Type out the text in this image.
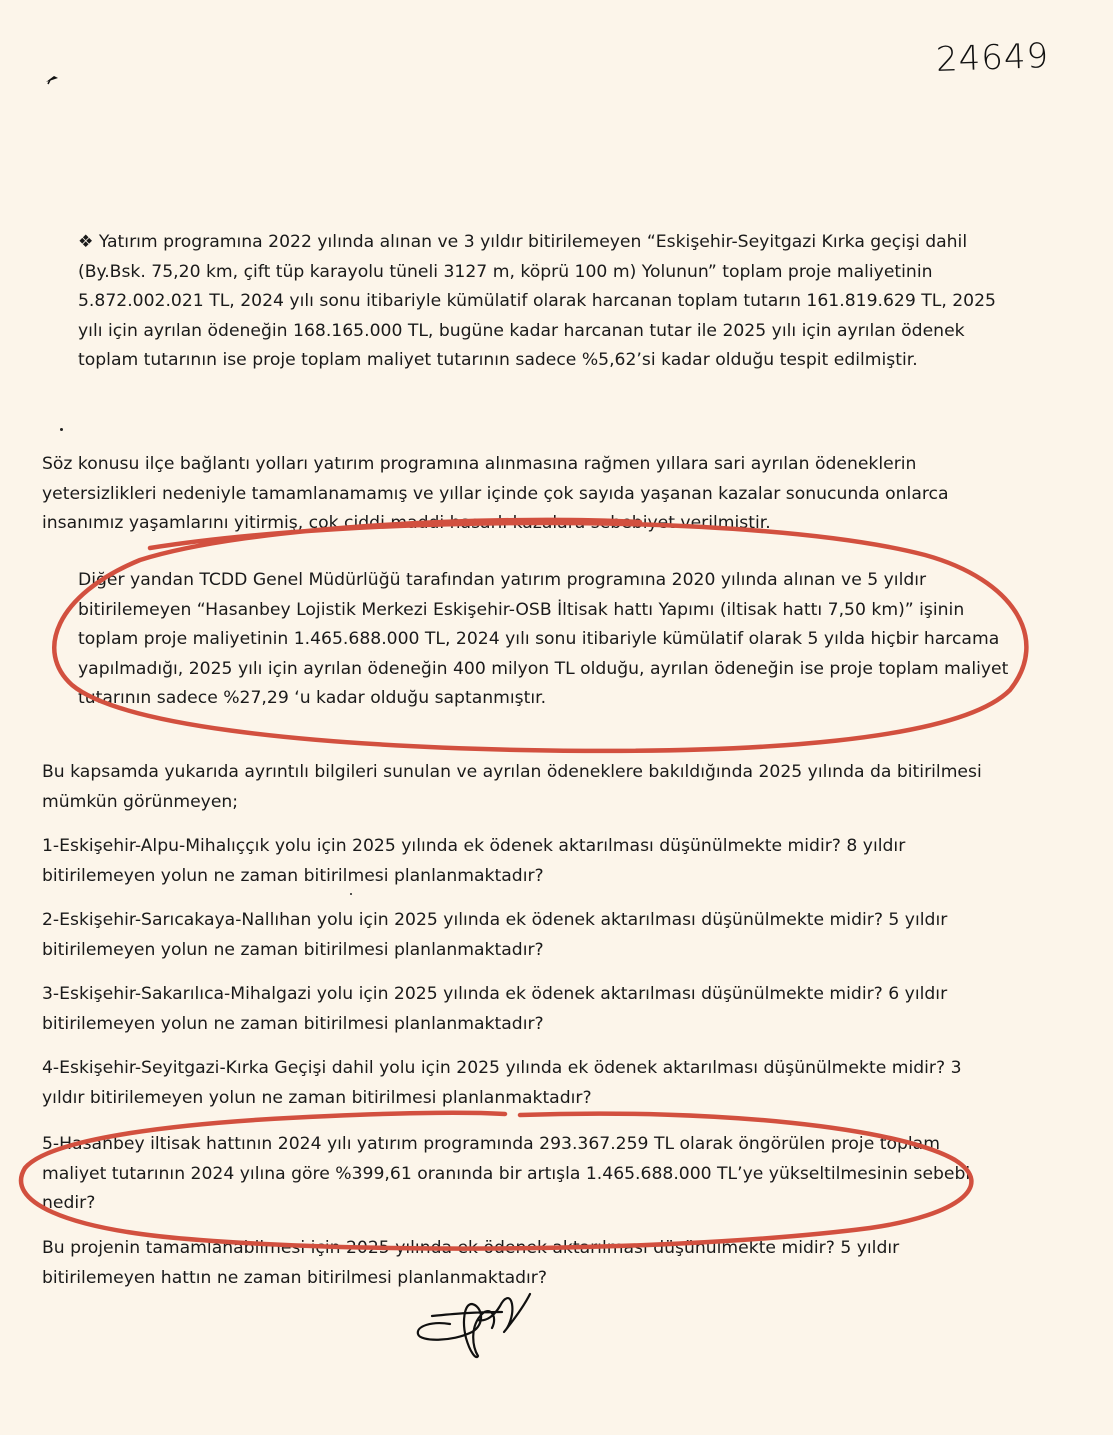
24649

❖ Yatırım programına 2022 yılında alınan ve 3 yıldır bitirilemeyen “Eskişehir-Seyitgazi Kırka geçişi dahil (By.Bsk. 75,20 km, çift tüp karayolu tüneli 3127 m, köprü 100 m) Yolunun” toplam proje maliyetinin 5.872.002.021 TL, 2024 yılı sonu itibariyle kümülatif olarak harcanan toplam tutarın 161.819.629 TL, 2025 yılı için ayrılan ödeneğin 168.165.000 TL, bugüne kadar harcanan tutar ile 2025 yılı için ayrılan ödenek toplam tutarının ise proje toplam maliyet tutarının sadece %5,62’si kadar olduğu tespit edilmiştir.

Söz konusu ilçe bağlantı yolları yatırım programına alınmasına rağmen yıllara sari ayrılan ödeneklerin yetersizlikleri nedeniyle tamamlanamamış ve yıllar içinde çok sayıda yaşanan kazalar sonucunda onlarca insanımız yaşamlarını yitirmiş, çok ciddi maddi hasarlı kazalara sebebiyet verilmiştir.

Diğer yandan TCDD Genel Müdürlüğü tarafından yatırım programına 2020 yılında alınan ve 5 yıldır bitirilemeyen “Hasanbey Lojistik Merkezi Eskişehir-OSB İltisak hattı Yapımı (iltisak hattı 7,50 km)” işinin toplam proje maliyetinin 1.465.688.000 TL, 2024 yılı sonu itibariyle kümülatif olarak 5 yılda hiçbir harcama yapılmadığı, 2025 yılı için ayrılan ödeneğin 400 milyon TL olduğu, ayrılan ödeneğin ise proje toplam maliyet tutarının sadece %27,29 ‘u kadar olduğu saptanmıştır.

Bu kapsamda yukarıda ayrıntılı bilgileri sunulan ve ayrılan ödeneklere bakıldığında 2025 yılında da bitirilmesi mümkün görünmeyen;

1-Eskişehir-Alpu-Mihalıççık yolu için 2025 yılında ek ödenek aktarılması düşünülmekte midir? 8 yıldır bitirilemeyen yolun ne zaman bitirilmesi planlanmaktadır?

2-Eskişehir-Sarıcakaya-Nallıhan yolu için 2025 yılında ek ödenek aktarılması düşünülmekte midir? 5 yıldır bitirilemeyen yolun ne zaman bitirilmesi planlanmaktadır?

3-Eskişehir-Sakarılıca-Mihalgazi yolu için 2025 yılında ek ödenek aktarılması düşünülmekte midir? 6 yıldır bitirilemeyen yolun ne zaman bitirilmesi planlanmaktadır?

4-Eskişehir-Seyitgazi-Kırka Geçişi dahil yolu için 2025 yılında ek ödenek aktarılması düşünülmekte midir? 3 yıldır bitirilemeyen yolun ne zaman bitirilmesi planlanmaktadır?

5-Hasanbey iltisak hattının 2024 yılı yatırım programında 293.367.259 TL olarak öngörülen proje toplam maliyet tutarının 2024 yılına göre %399,61 oranında bir artışla 1.465.688.000 TL’ye yükseltilmesinin sebebi nedir?

Bu projenin tamamlanabilmesi için 2025 yılında ek ödenek aktarılması düşünülmekte midir? 5 yıldır bitirilemeyen hattın ne zaman bitirilmesi planlanmaktadır?
